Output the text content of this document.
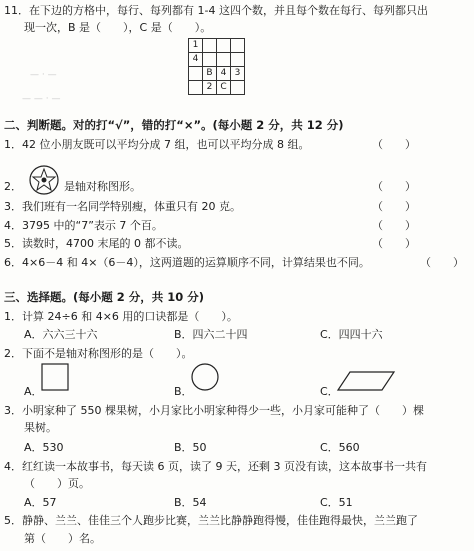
11．在下边的方格中，每行、每列都有 1-4 这四个数，并且每个数在每行、每列都只出
现一次，B 是（　　），C 是（　　）。
1			
4			
	B	4	3
	2	C	
— · —
— — · —
二、判断题。对的打“√”，错的打“×”。(每小题 2 分，共 12 分)
1．42 位小朋友既可以平均分成 7 组，也可以平均分成 8 组。	（　　）
2．	是轴对称图形。	（　　）
3．我们班有一名同学特别瘦，体重只有 20 克。	（　　）
4．3795 中的“7”表示 7 个百。	（　　）
5．读数时，4700 末尾的 0 都不读。	（　　）
6．4×6－4 和 4×（6－4），这两道题的运算顺序不同，计算结果也不同。	（　　）
三、选择题。(每小题 2 分，共 10 分)
1．计算 24÷6 和 4×6 用的口诀都是（　　）。
A．六六三十六	B．四六二十四	C．四四十六
2．下面不是轴对称图形的是（　　）。
A．	B．	C．
3．小明家种了 550 棵果树，小月家比小明家种得少一些，小月家可能种了（　　）棵
果树。
A．530	B．50	C．560
4．红红读一本故事书，每天读 6 页，读了 9 天，还剩 3 页没有读，这本故事书一共有
（　　）页。
A．57	B．54	C．51
5．静静、兰兰、佳佳三个人跑步比赛，兰兰比静静跑得慢，佳佳跑得最快，兰兰跑了
第（　　）名。
